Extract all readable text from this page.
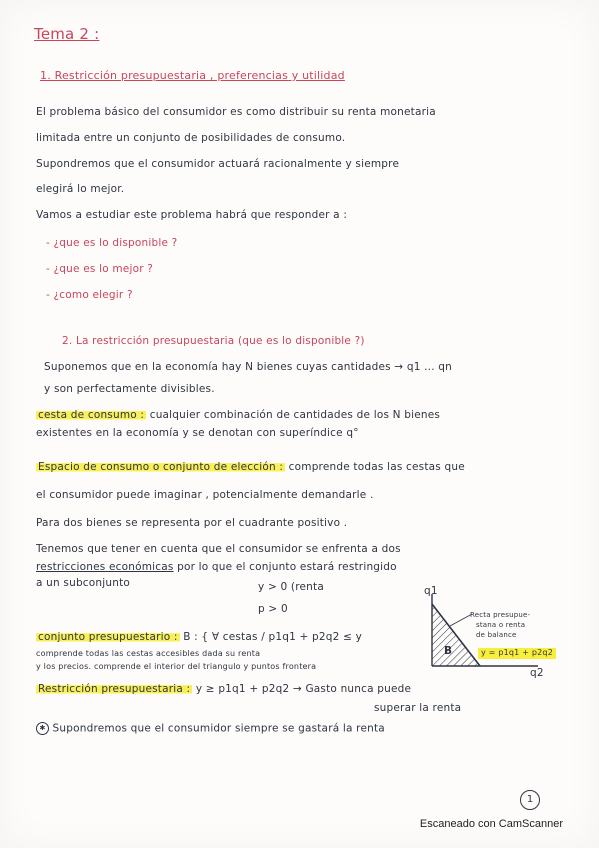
Tema 2 :
1. Restricción presupuestaria , preferencias y utilidad
El problema básico del consumidor es como distribuir su renta monetaria
limitada entre un conjunto de posibilidades de consumo.
Supondremos que el consumidor actuará racionalmente y siempre
elegirá lo mejor.
Vamos a estudiar este problema habrá que responder a :
- ¿que es lo disponible ?
- ¿que es lo mejor ?
- ¿como elegir ?
2. La restricción presupuestaria (que es lo disponible ?)
Suponemos que en la economía hay N bienes cuyas cantidades → q1 ... qn
y son perfectamente divisibles.
cesta de consumo : cualquier combinación de cantidades de los N bienes
existentes en la economía y se denotan con superíndice q°
Espacio de consumo o conjunto de elección : comprende todas las cestas que
el consumidor puede imaginar , potencialmente demandarle .
Para dos bienes se representa por el cuadrante positivo .
Tenemos que tener en cuenta que el consumidor se enfrenta a dos
restricciones económicas por lo que el conjunto estará restringido
a un subconjunto	y > 0 (renta
p > 0
conjunto presupuestario : B : { ∀ cestas / p1q1 + p2q2 ≤ y
comprende todas las cestas accesibles dada su renta
y los precios. comprende el interior del triangulo y puntos frontera
Restricción presupuestaria : y ≥ p1q1 + p2q2 → Gasto nunca puede
superar la renta
✱ Supondremos que el consumidor siempre se gastará la renta
q1
q2
B
Recta presupue-
stana o renta
de balance
y = p1q1 + p2q2
1
Escaneado con CamScanner
